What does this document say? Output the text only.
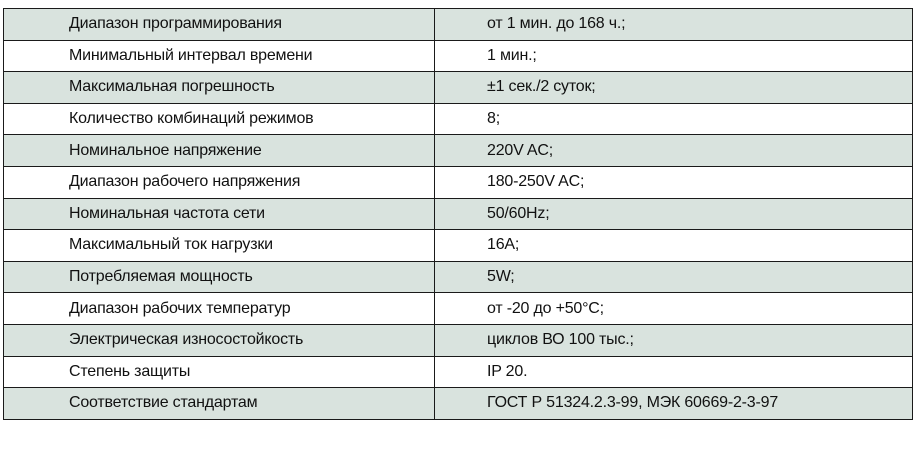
Диапазон программирования	от 1 мин. до 168 ч.;
Минимальный интервал времени	1 мин.;
Максимальная погрешность	±1 сек./2 суток;
Количество комбинаций режимов	8;
Номинальное напряжение	220V AC;
Диапазон рабочего напряжения	180-250V AC;
Номинальная частота сети	50/60Hz;
Максимальный ток нагрузки	16A;
Потребляемая мощность	5W;
Диапазон рабочих температур	от -20 до +50°С;
Электрическая износостойкость	циклов ВО 100 тыс.;
Степень защиты	IP 20.
Соответствие стандартам	ГОСТ Р 51324.2.3-99, МЭК 60669-2-3-97
